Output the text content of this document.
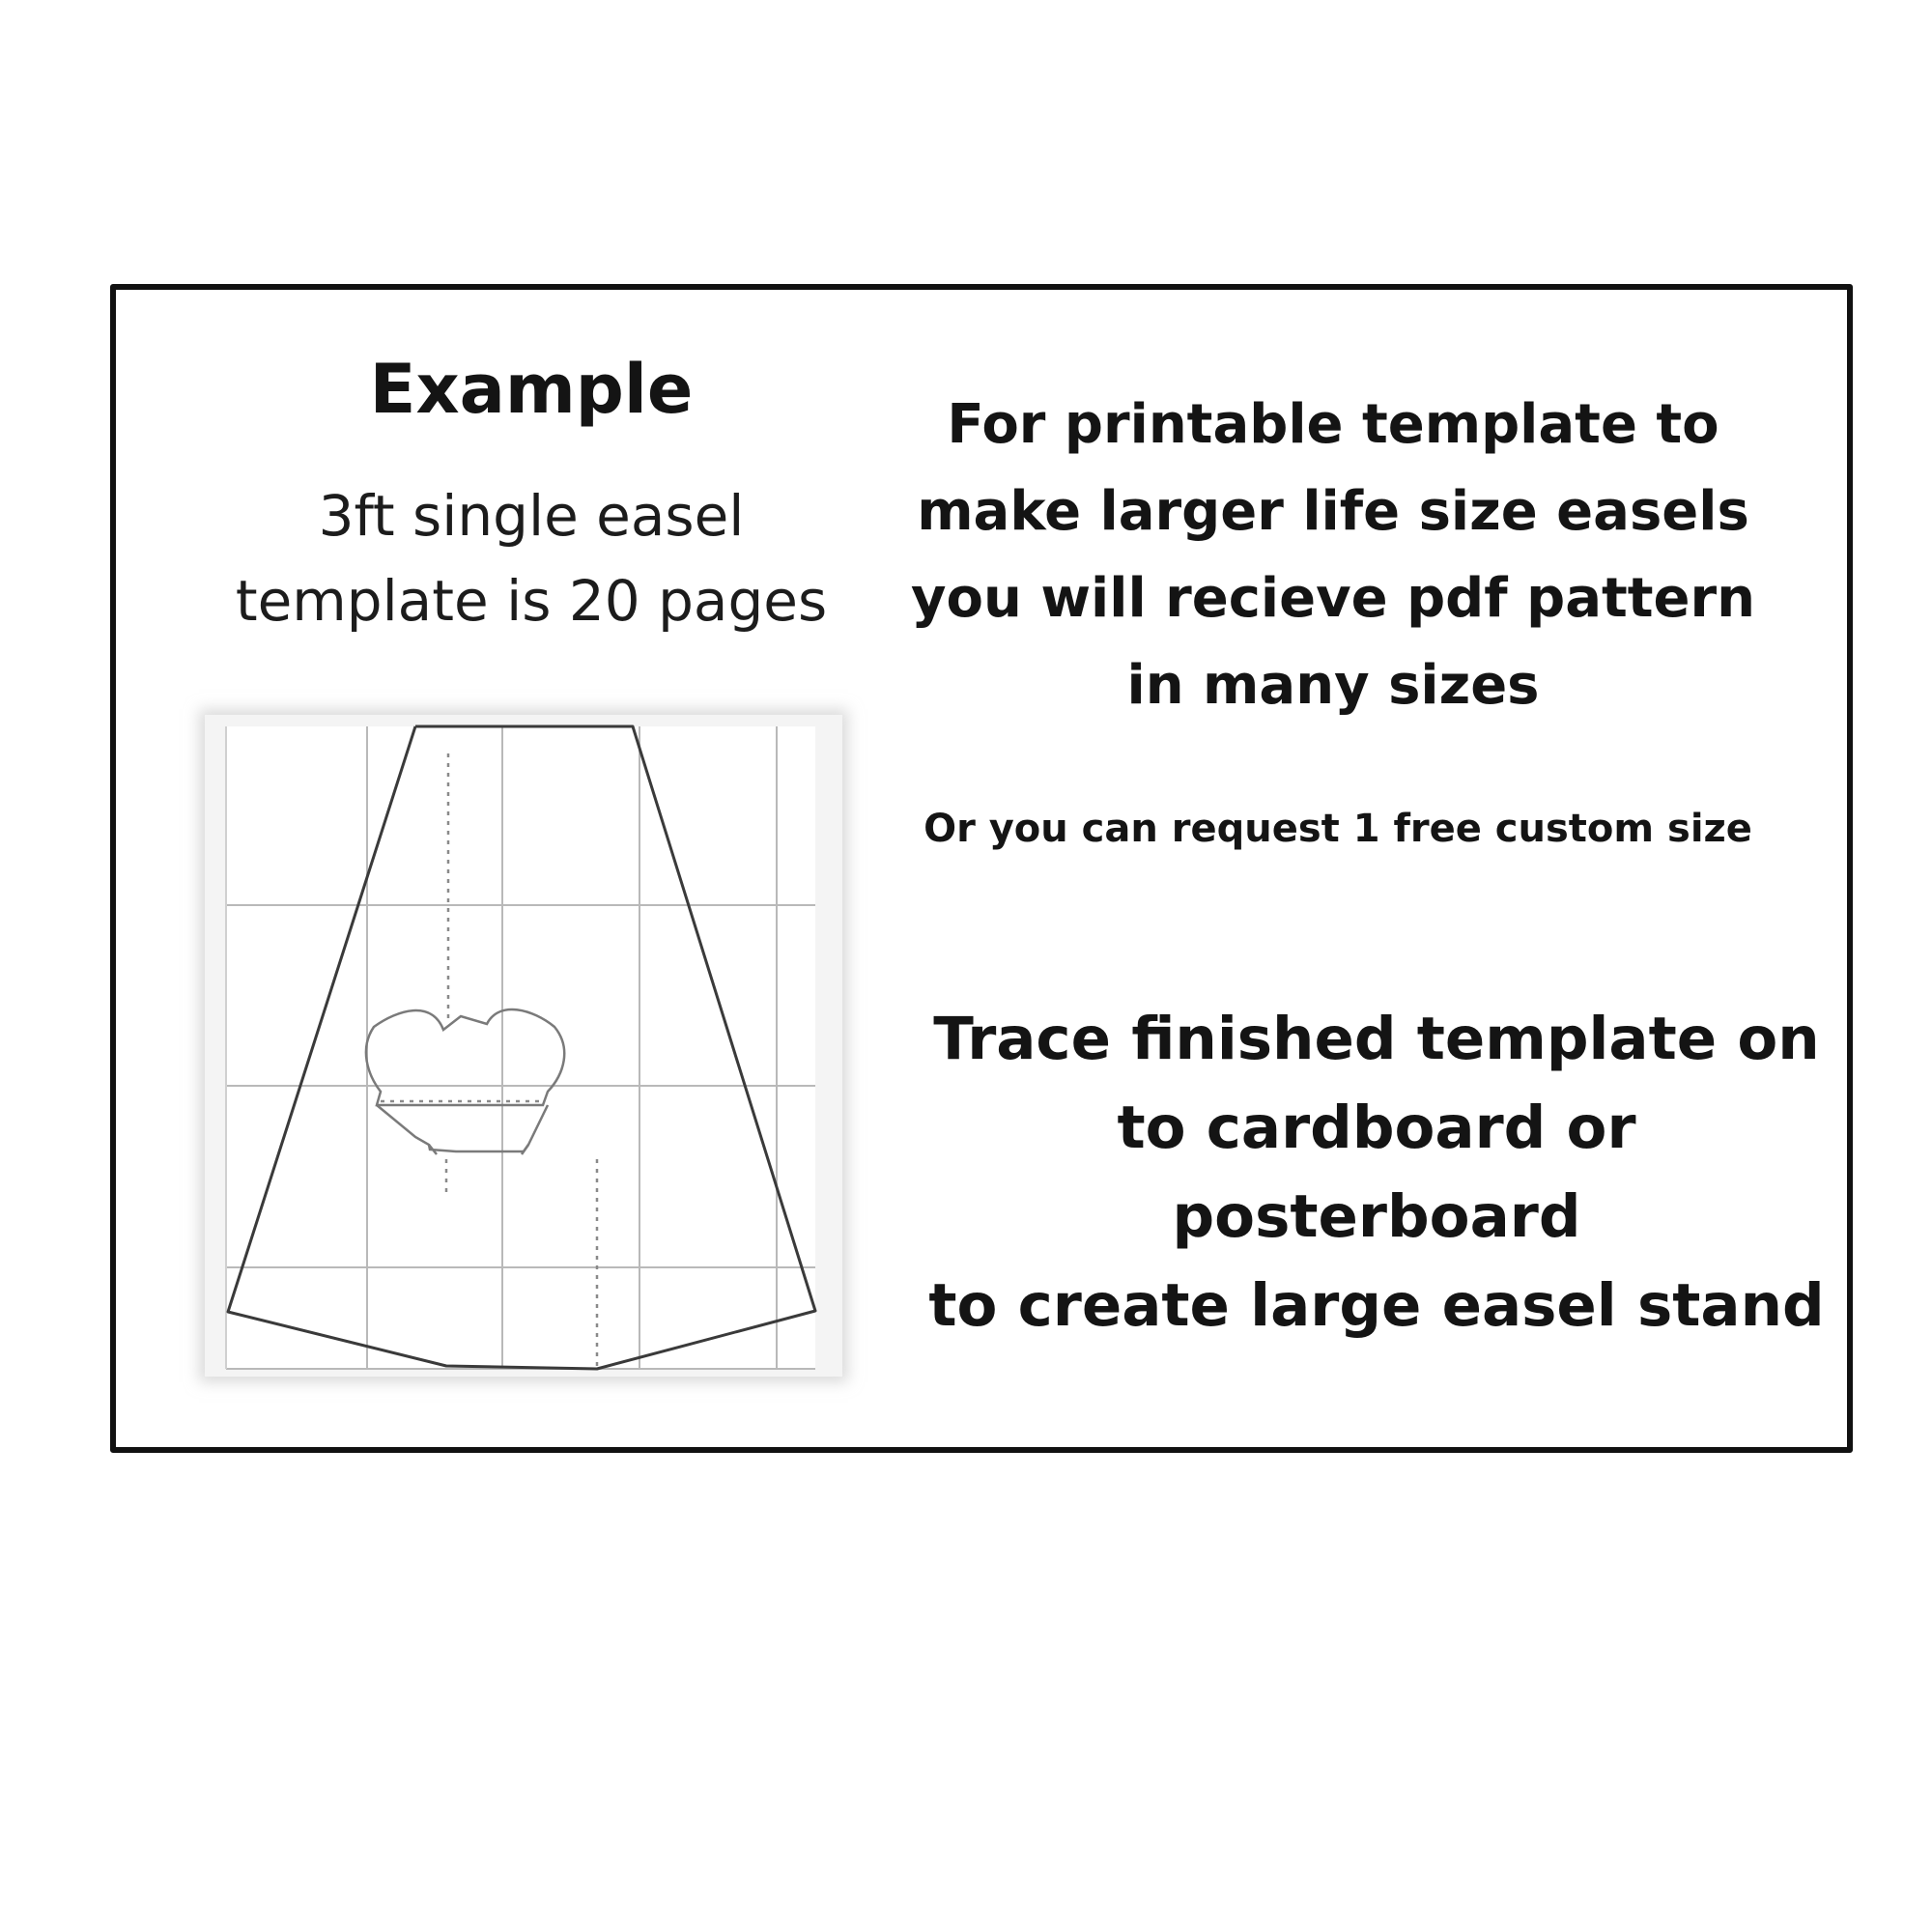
Example

3ft single easel
template is 20 pages

For printable template to
make larger life size easels
you will recieve pdf pattern
in many sizes

Or you can request 1 free custom size

Trace finished template on
to cardboard or posterboard
to create large easel stand
